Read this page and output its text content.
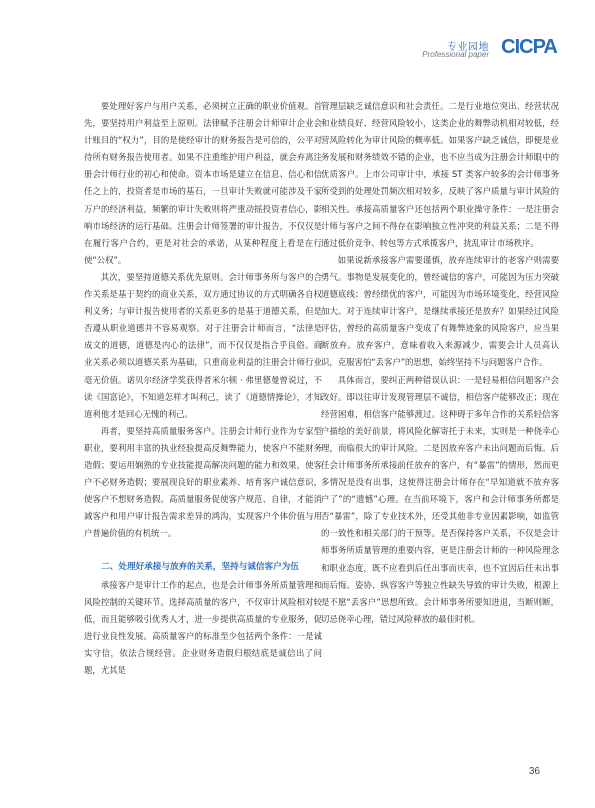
专业园地
Professional paper CICPA

要处理好客户与用户关系，必须树立正确的职业价值观。首先，要坚持用户利益至上原则。法律赋予注册会计师审计企业会计账目的“权力”，目的是使经审计的财务报告是可信的，公平对待所有财务报告使用者。如果不注重维护用户利益，就会弃离注册会计师行业的初心和使命。资本市场是建立在信息、信心和信任之上的，投资者是市场的基石，一旦审计失败就可能涉及千家万户的经济利益，频繁的审计失败则将严重动摇投资者信心，影响市场经济的运行基础。注册会计师签署的审计报告，不仅仅是在履行客户合约，更是对社会的承诺，从某种程度上看是在行使“公权”。

其次，要坚持道德关系优先原则。会计师事务所与客户的合作关系是基于契约的商业关系，双方通过协议的方式明确各自权利义务；与审计报告使用者的关系更多的是基于道德关系，但是否遵从职业道德并不容易观察。对于注册会计师而言，“法律是成文的道德，道德是内心的法律”，而不仅仅是指合乎良俗。商业关系必须以道德关系为基础，只重商业利益的注册会计师行业毫无价值。诺贝尔经济学奖获得者米尔顿 · 弗里德曼曾说过，不读《国富论》，不知道怎样才叫利己，读了《道德情操论》，才知道利他才是回心无愧的利己。

再者，要坚持高质量服务客户。注册会计师行业作为专家型职业，要利用丰富的执业经验提高反舞弊能力，使客户不能财务造假；要运用娴熟的专业技能提高解决问题的能力和效果，使客户不必财务造假；要展现良好的职业素养、培育客户诚信意识，使客户不想财务造假。高质量服务促使客户规范、自律，才能消减客户和用户审计报告需求差异的鸿沟，实现客户个体价值与用户普遍价值的有机统一。

二、处理好承接与放弃的关系，坚持与诚信客户为伍

承接客户是审计工作的起点，也是会计师事务所质量管理和风险控制的关键环节。选择高质量的客户，不仅审计风险相对较低，而且能够吸引优秀人才，进一步提供高质量的专业服务，促进行业良性发展。高质量客户的标准至少包括两个条件：一是诚实守信，依法合规经营。企业财务造假归根结底是诚信出了问题，尤其是

管理层缺乏诚信意识和社会责任。二是行业地位突出、经营状况和业绩良好、经营风险较小，这类企业的舞弊动机相对较低，经营风险转化为审计风险的概率低。如果客户缺乏诚信，即便是业务发展和财务绩效不错的企业，也不应当成为注册会计师眼中的优质客户。上市公司审计中，承接 ST 类客户较多的会计师事务所受到的处理处罚频次相对较多，反映了客户质量与审计风险的相关性。承接高质量客户还包括两个职业操守条件：一是注册会计师与客户之间不得存在影响独立性冲突的利益关系；二是不得通过低价竞争、转包等方式承揽客户，扰乱审计市场秩序。

如果说新承接客户需要谨慎，放弃连续审计的老客户则需要勇气。事物是发展变化的，曾经诚信的客户，可能因为压力突破道德底线；曾经绩优的客户，可能因为市场环境变化，经营风险加大。对于连续审计客户，是继续承接还是放弃？如果经过风险评估，曾经的高质量客户变成了有舞弊迹象的风险客户，应当果断放弃。放弃客户，意味着收入来源减少，需要会计人员高认识，克服害怕“丢客户”的思想，始终坚持不与问题客户合作。

具体而言，要纠正两种错误认识：一是轻易相信问题客户会改好。即以往审计发现管理层不诚信，相信客户能够改正；现在经营困难，相信客户能够渡过。这种碍于多年合作的关系轻信客户描绘的美好前景，将风险化解寄托于未来，实则是一种侥幸心理，而临很大的审计风险。二是因放弃客户未出问题而后悔。后任会计师事务所承接前任放弃的客户，有“暴雷”的情形，然而更多情况是没有出事，这使得注册会计师存在“早知道就不放弃客户了”的“遗憾”心理。在当前环境下，客户和会计师事务所都是否“暴雷”，除了专业技术外，还受其他非专业因素影响，如监管的一致性和相关部门的干预等。是否保持客户关系，不仅是会计师事务所质量管理的重要内容，更是注册会计师的一种风险理念和职业态度，既不应看到后任出事而庆幸，也不宜因后任未出事而后悔。姿协、纵容客户等独立性缺失导致的审计失败，根源上是不愿“丢客户”思想所致。会计师事务所要知进退，当断则断，切忌侥幸心理，错过风险释放的最佳时机。

36
